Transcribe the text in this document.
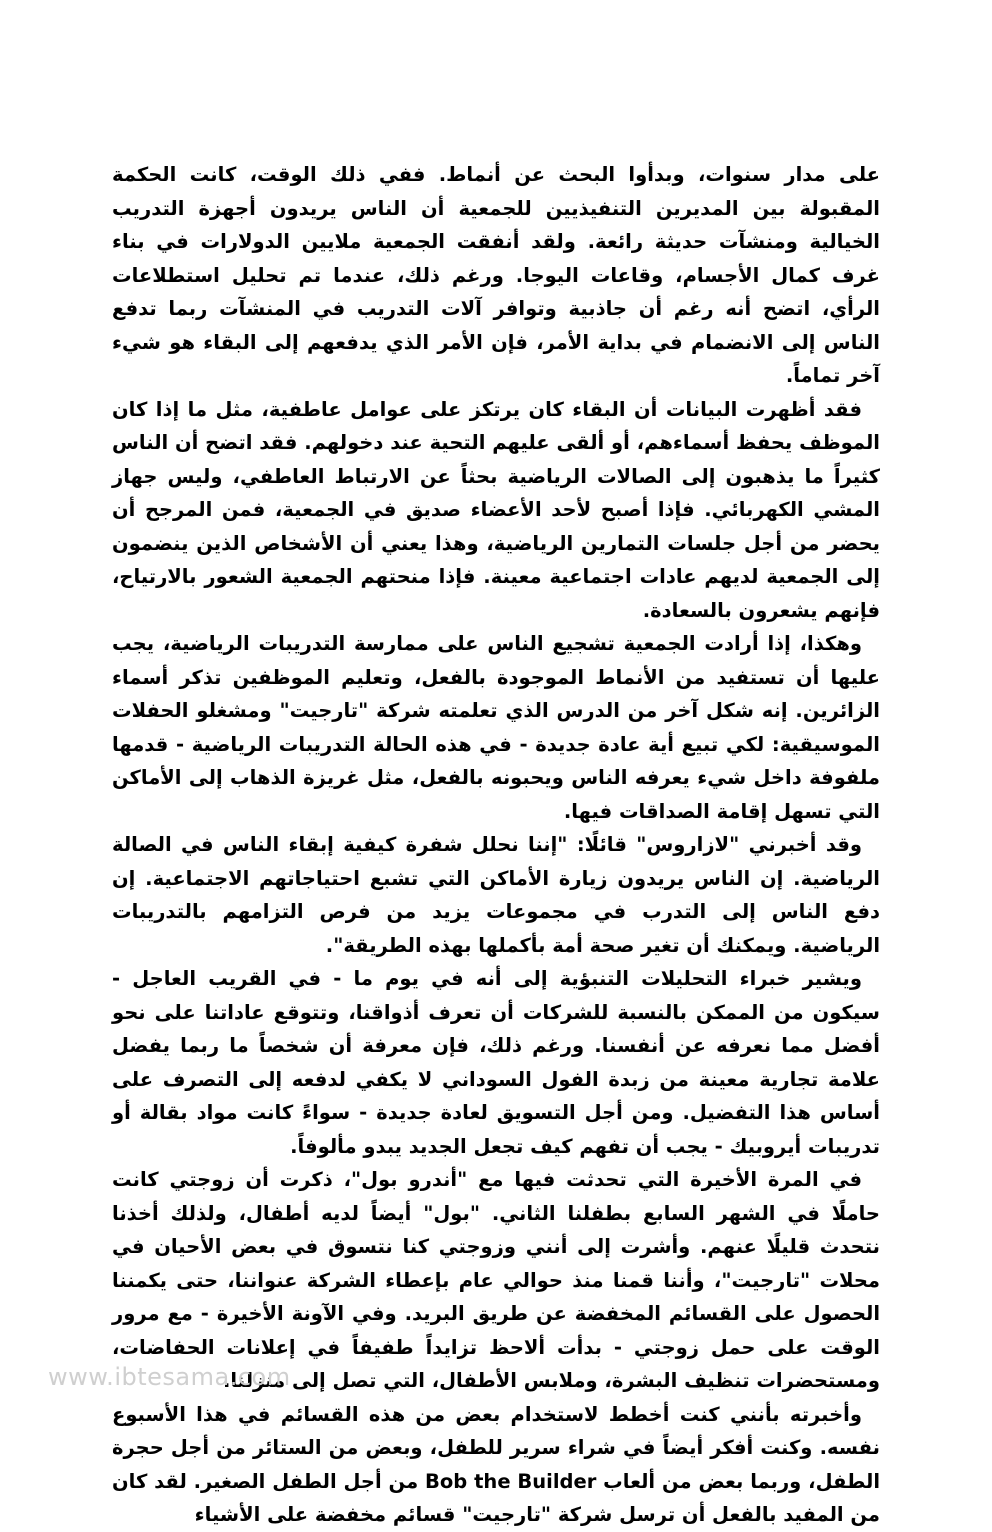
على مدار سنوات، وبدأوا البحث عن أنماط. ففي ذلك الوقت، كانت الحكمة المقبولة بين المديرين التنفيذيين للجمعية أن الناس يريدون أجهزة التدريب الخيالية ومنشآت حديثة رائعة. ولقد أنفقت الجمعية ملايين الدولارات في بناء غرف كمال الأجسام، وقاعات اليوجا. ورغم ذلك، عندما تم تحليل استطلاعات الرأي، اتضح أنه رغم أن جاذبية وتوافر آلات التدريب في المنشآت ربما تدفع الناس إلى الانضمام في بداية الأمر، فإن الأمر الذي يدفعهم إلى البقاء هو شيء آخر تماماً.

فقد أظهرت البيانات أن البقاء كان يرتكز على عوامل عاطفية، مثل ما إذا كان الموظف يحفظ أسماءهم، أو ألقى عليهم التحية عند دخولهم. فقد اتضح أن الناس كثيراً ما يذهبون إلى الصالات الرياضية بحثاً عن الارتباط العاطفي، وليس جهاز المشي الكهربائي. فإذا أصبح لأحد الأعضاء صديق في الجمعية، فمن المرجح أن يحضر من أجل جلسات التمارين الرياضية، وهذا يعني أن الأشخاص الذين ينضمون إلى الجمعية لديهم عادات اجتماعية معينة. فإذا منحتهم الجمعية الشعور بالارتياح، فإنهم يشعرون بالسعادة.

وهكذا، إذا أرادت الجمعية تشجيع الناس على ممارسة التدريبات الرياضية، يجب عليها أن تستفيد من الأنماط الموجودة بالفعل، وتعليم الموظفين تذكر أسماء الزائرين. إنه شكل آخر من الدرس الذي تعلمته شركة "تارجيت" ومشغلو الحفلات الموسيقية: لكي تبيع أية عادة جديدة - في هذه الحالة التدريبات الرياضية - قدمها ملفوفة داخل شيء يعرفه الناس ويحبونه بالفعل، مثل غريزة الذهاب إلى الأماكن التي تسهل إقامة الصداقات فيها.

وقد أخبرني "لازاروس" قائلًا: "إننا نحلل شفرة كيفية إبقاء الناس في الصالة الرياضية. إن الناس يريدون زيارة الأماكن التي تشبع احتياجاتهم الاجتماعية. إن دفع الناس إلى التدرب في مجموعات يزيد من فرص التزامهم بالتدريبات الرياضية. ويمكنك أن تغير صحة أمة بأكملها بهذه الطريقة".

ويشير خبراء التحليلات التنبؤية إلى أنه في يوم ما - في القريب العاجل - سيكون من الممكن بالنسبة للشركات أن تعرف أذواقنا، وتتوقع عاداتنا على نحو أفضل مما نعرفه عن أنفسنا. ورغم ذلك، فإن معرفة أن شخصاً ما ربما يفضل علامة تجارية معينة من زبدة الفول السوداني لا يكفي لدفعه إلى التصرف على أساس هذا التفضيل. ومن أجل التسويق لعادة جديدة - سواءً كانت مواد بقالة أو تدريبات أيروبيك - يجب أن تفهم كيف تجعل الجديد يبدو مألوفاً.

في المرة الأخيرة التي تحدثت فيها مع "أندرو بول"، ذكرت أن زوجتي كانت حاملًا في الشهر السابع بطفلنا الثاني. "بول" أيضاً لديه أطفال، ولذلك أخذنا نتحدث قليلًا عنهم. وأشرت إلى أنني وزوجتي كنا نتسوق في بعض الأحيان في محلات "تارجيت"، وأننا قمنا منذ حوالي عام بإعطاء الشركة عنواننا، حتى يكمننا الحصول على القسائم المخفضة عن طريق البريد. وفي الآونة الأخيرة - مع مرور الوقت على حمل زوجتي - بدأت ألاحظ تزايداً طفيفاً في إعلانات الحفاضات، ومستحضرات تنظيف البشرة، وملابس الأطفال، التي تصل إلى منزلنا.

وأخبرته بأنني كنت أخطط لاستخدام بعض من هذه القسائم في هذا الأسبوع نفسه. وكنت أفكر أيضاً في شراء سرير للطفل، وبعض من الستائر من أجل حجرة الطفل، وربما بعض من ألعاب Bob the Builder من أجل الطفل الصغير. لقد كان من المفيد بالفعل أن ترسل شركة "تارجيت" قسائم مخفضة على الأشياء

www.ibtesama.com
